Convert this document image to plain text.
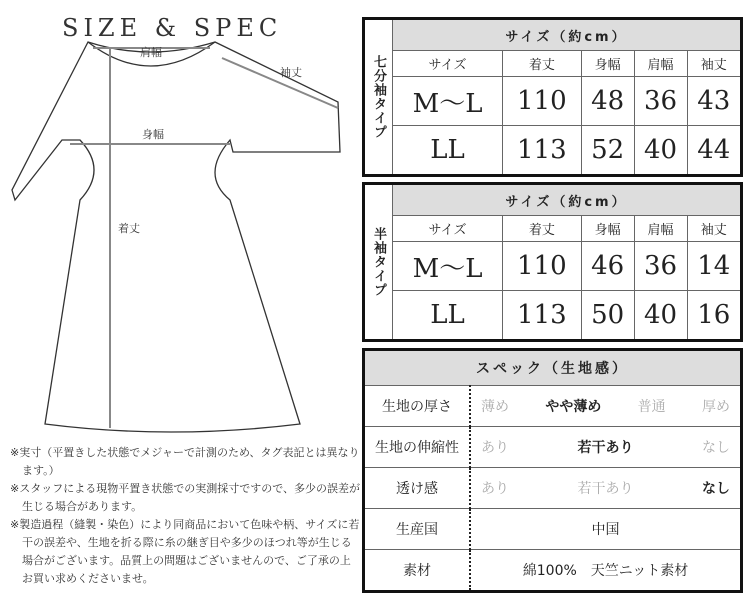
SIZE & SPEC
肩幅
袖丈
身幅
着丈

※実寸（平置きした状態でメジャーで計測のため、タグ表記とは異なります。）

※スタッフによる現物平置き状態での実測採寸ですので、多少の誤差が生じる場合があります。

※製造過程（縫製・染色）により同商品において色味や柄、サイズに若干の誤差や、生地を折る際に糸の継ぎ目や多少のほつれ等が生じる場合がございます。品質上の問題はございませんので、ご了承の上お買い求めくださいませ。

七分袖タイプ	サイズ（約cm）				
	サイズ	着丈	身幅	肩幅	袖丈
	M〜L	110	48	36	43
	LL	113	52	40	44
半袖タイプ	サイズ（約cm）				
	サイズ	着丈	身幅	肩幅	袖丈
	M〜L	110	46	36	14
	LL	113	50	40	16
スペック（生地感）	
生地の厚さ	薄め やや薄め 普通 厚め

生地の伸縮性	あり 若干あり なし

透け感	あり 若干あり なし

生産国	中国
素材	綿100%　天竺ニット素材
